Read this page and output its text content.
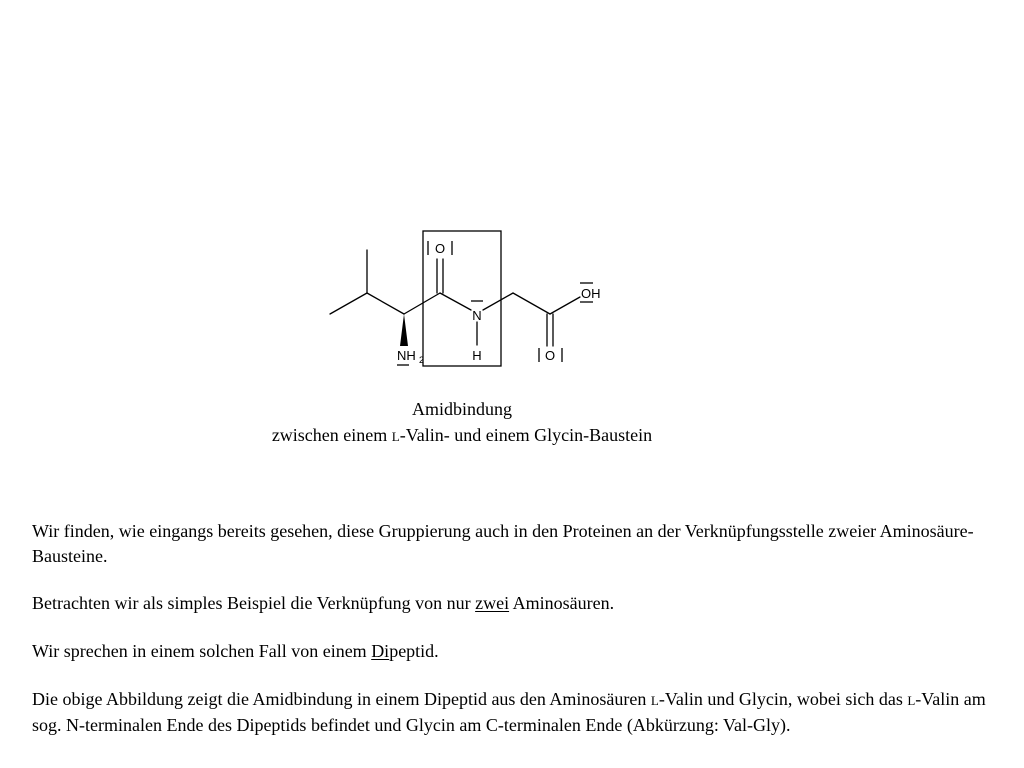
O
N
H
NH 2
OH
O
Amidbindung
zwischen einem L-Valin- und einem Glycin-Baustein

Wir finden, wie eingangs bereits gesehen, diese Gruppierung auch in den Proteinen an der Verknüpfungsstelle zweier Aminosäure-Bausteine.

Betrachten wir als simples Beispiel die Verknüpfung von nur zwei Aminosäuren.

Wir sprechen in einem solchen Fall von einem Dipeptid.

Die obige Abbildung zeigt die Amidbindung in einem Dipeptid aus den Aminosäuren L-Valin und Glycin, wobei sich das L-Valin am sog. N-terminalen Ende des Dipeptids befindet und Glycin am C-terminalen Ende (Abkürzung: Val-Gly).
